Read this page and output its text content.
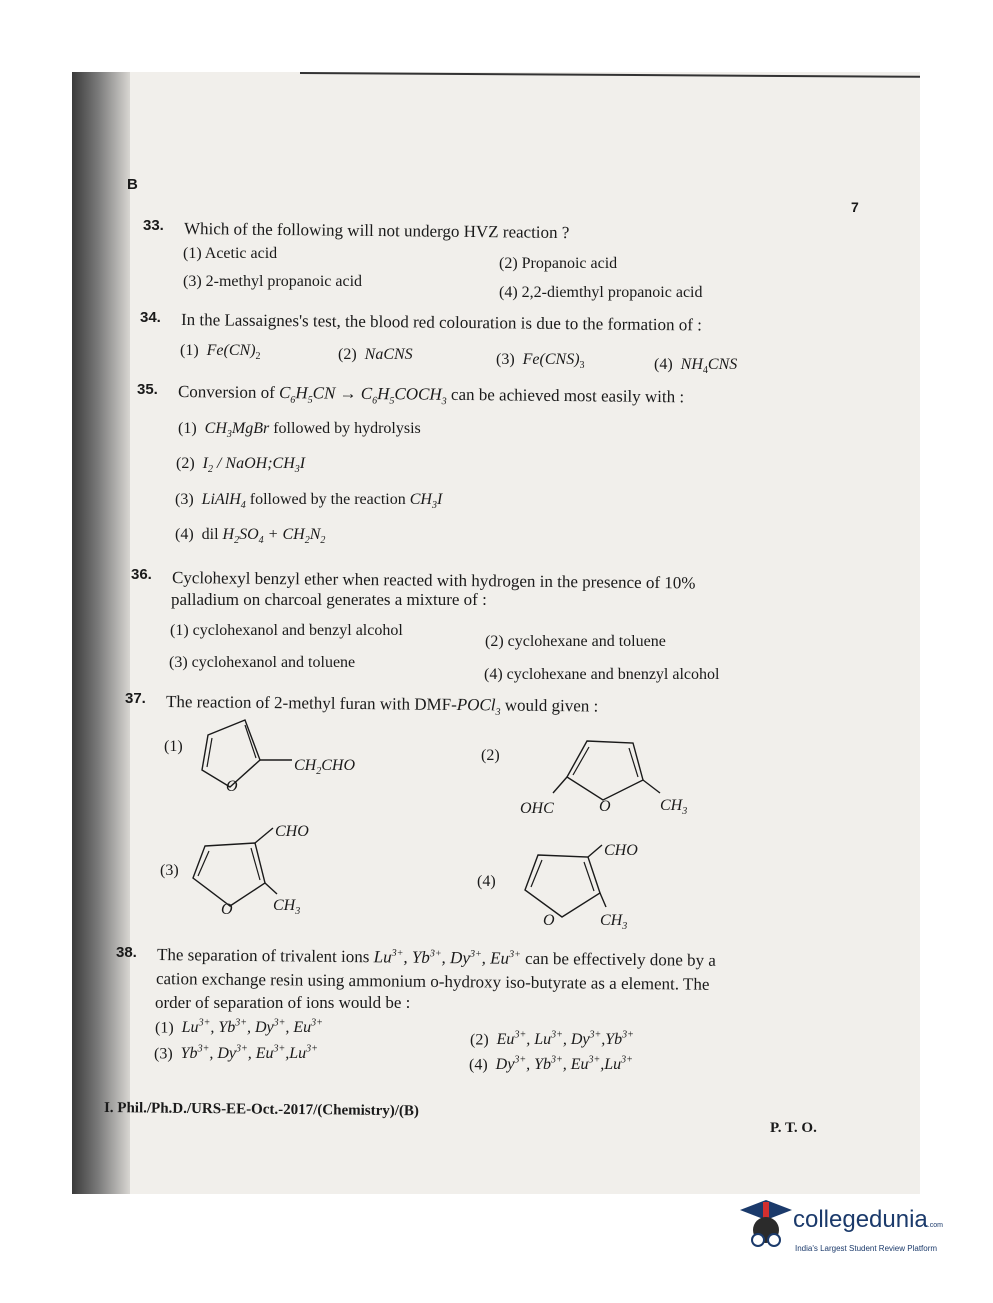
B
7
33. Which of the following will not undergo HVZ reaction ?
(1) Acetic acid
(2) Propanoic acid
(3) 2-methyl propanoic acid
(4) 2,2-diemthyl propanoic acid
34. In the Lassaignes's test, the blood red colouration is due to the formation of :
(1) $Fe(CN)_2$	(2) NaCNS	(3) $Fe(CNS)_3$	(4) $NH_4CNS$
35. Conversion of $C_6H_5CN$ → $C_6H_5COCH_3$ can be achieved most easily with :
(1) $CH_3MgBr$ followed by hydrolysis
(2) $I_2$ / $NaOH;CH_3I$
(3) LiAlH$_4$ followed by the reaction $CH_3I$
(4) dil $H_2SO_4 + CH_2N_2$
36. Cyclohexyl benzyl ether when reacted with hydrogen in the presence of 10%
palladium on charcoal generates a mixture of :
(1) cyclohexanol and benzyl alcohol
(2) cyclohexane and toluene
(3) cyclohexanol and toluene
(4) cyclohexane and bnenzyl alcohol
37. The reaction of 2-methyl furan with DMF-POCl$_3$ would given :
(1)
O
$CH_2CHO$
(2)
O
OHC	$CH_3$
(3)
O
CHO
$CH_3$
(4)
O
CHO
$CH_3$
38. The separation of trivalent ions $Lu^{3+}$, $Yb^{3+}$, $Dy^{3+}$, $Eu^{3+}$ can be effectively done by a
cation exchange resin using ammonium o-hydroxy iso-butyrate as a element. The
order of separation of ions would be :
(1) $Lu^{3+}$, $Yb^{3+}$, $Dy^{3+}$, $Eu^{3+}$
(2) $Eu^{3+}$, $Lu^{3+}$, $Dy^{3+},Yb^{3+}$
(3) $Yb^{3+}$, $Dy^{3+}$, $Eu^{3+},Lu^{3+}$
(4) $Dy^{3+}$, $Yb^{3+}$, $Eu^{3+},Lu^{3+}$
I. Phil./Ph.D./URS-EE-Oct.-2017/(Chemistry)/(B)
P. T. O.
collegedunia.com
India's Largest Student Review Platform
